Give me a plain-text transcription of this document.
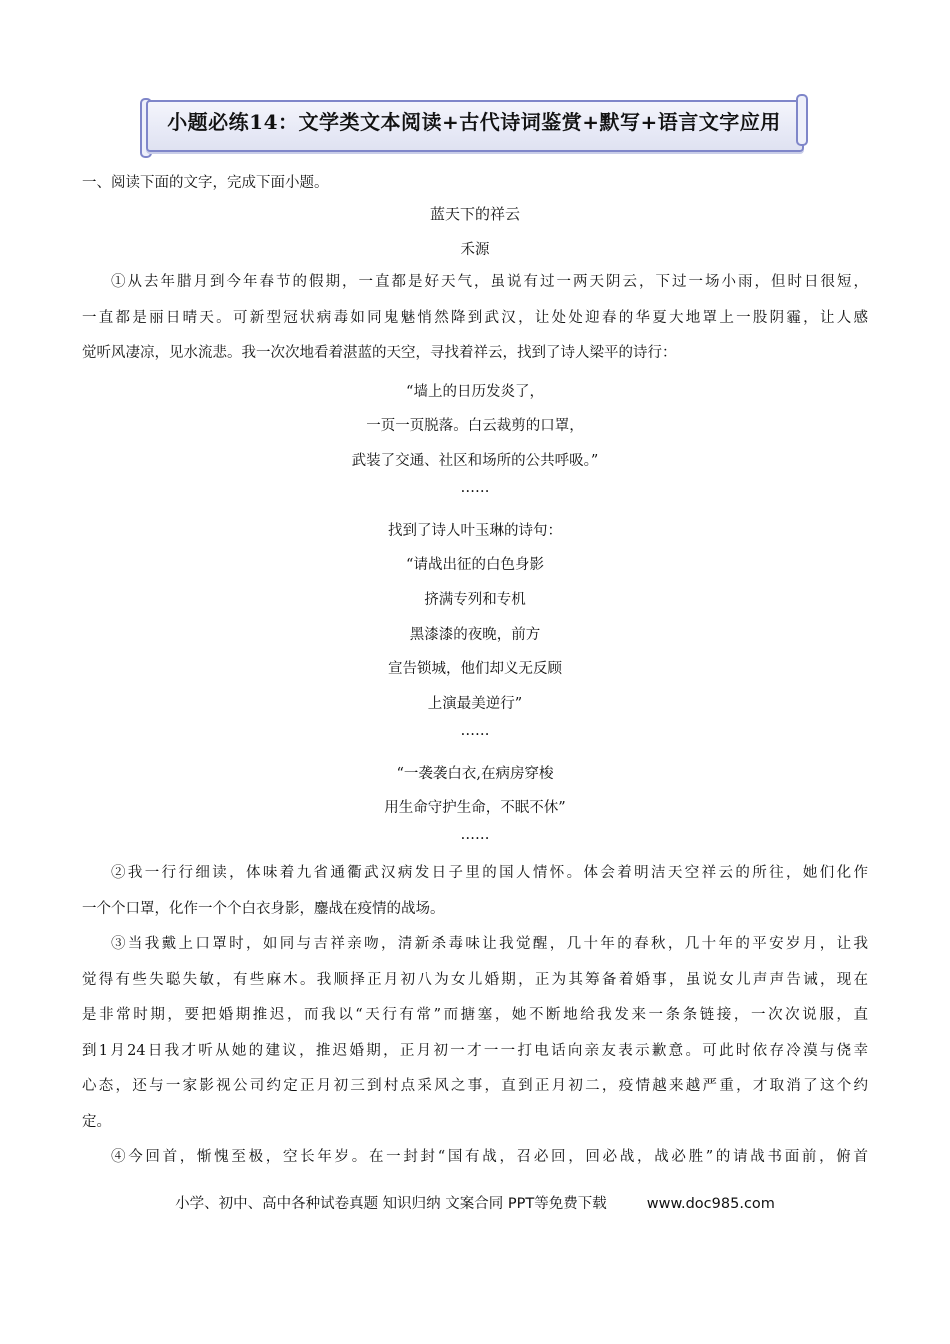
小题必练14：文学类文本阅读+古代诗词鉴赏+默写+语言文字应用
一、阅读下面的文字，完成下面小题。
蓝天下的祥云
禾源
①从去年腊月到今年春节的假期，一直都是好天气，虽说有过一两天阴云，下过一场小雨，但时日很短，
一直都是丽日晴天。可新型冠状病毒如同鬼魅悄然降到武汉，让处处迎春的华夏大地罩上一股阴霾，让人感
觉听风凄凉，见水流悲。我一次次地看着湛蓝的天空，寻找着祥云，找到了诗人梁平的诗行：
“墙上的日历发炎了，
一页一页脱落。白云裁剪的口罩，
武装了交通、社区和场所的公共呼吸。”
……
找到了诗人叶玉琳的诗句：
“请战出征的白色身影
挤满专列和专机
黑漆漆的夜晚，前方
宣告锁城，他们却义无反顾
上演最美逆行”
……
“一袭袭白衣,在病房穿梭
用生命守护生命，不眠不休”
……
②我一行行细读，体味着九省通衢武汉病发日子里的国人情怀。体会着明洁天空祥云的所往，她们化作
一个个口罩，化作一个个白衣身影，鏖战在疫情的战场。
③当我戴上口罩时，如同与吉祥亲吻，清新杀毒味让我觉醒，几十年的春秋，几十年的平安岁月，让我
觉得有些失聪失敏，有些麻木。我顺择正月初八为女儿婚期，正为其筹备着婚事，虽说女儿声声告诫，现在
是非常时期，要把婚期推迟，而我以“天行有常”而搪塞，她不断地给我发来一条条链接，一次次说服，直
到1月24日我才听从她的建议，推迟婚期，正月初一才一一打电话向亲友表示歉意。可此时依存冷漠与侥幸
心态，还与一家影视公司约定正月初三到村点采风之事，直到正月初二，疫情越来越严重，才取消了这个约
定。
④今回首，惭愧至极，空长年岁。在一封封“国有战，召必回，回必战，战必胜”的请战书面前，俯首
小学、初中、高中各种试卷真题 知识归纳 文案合同 PPT等免费下载	www.doc985.com
